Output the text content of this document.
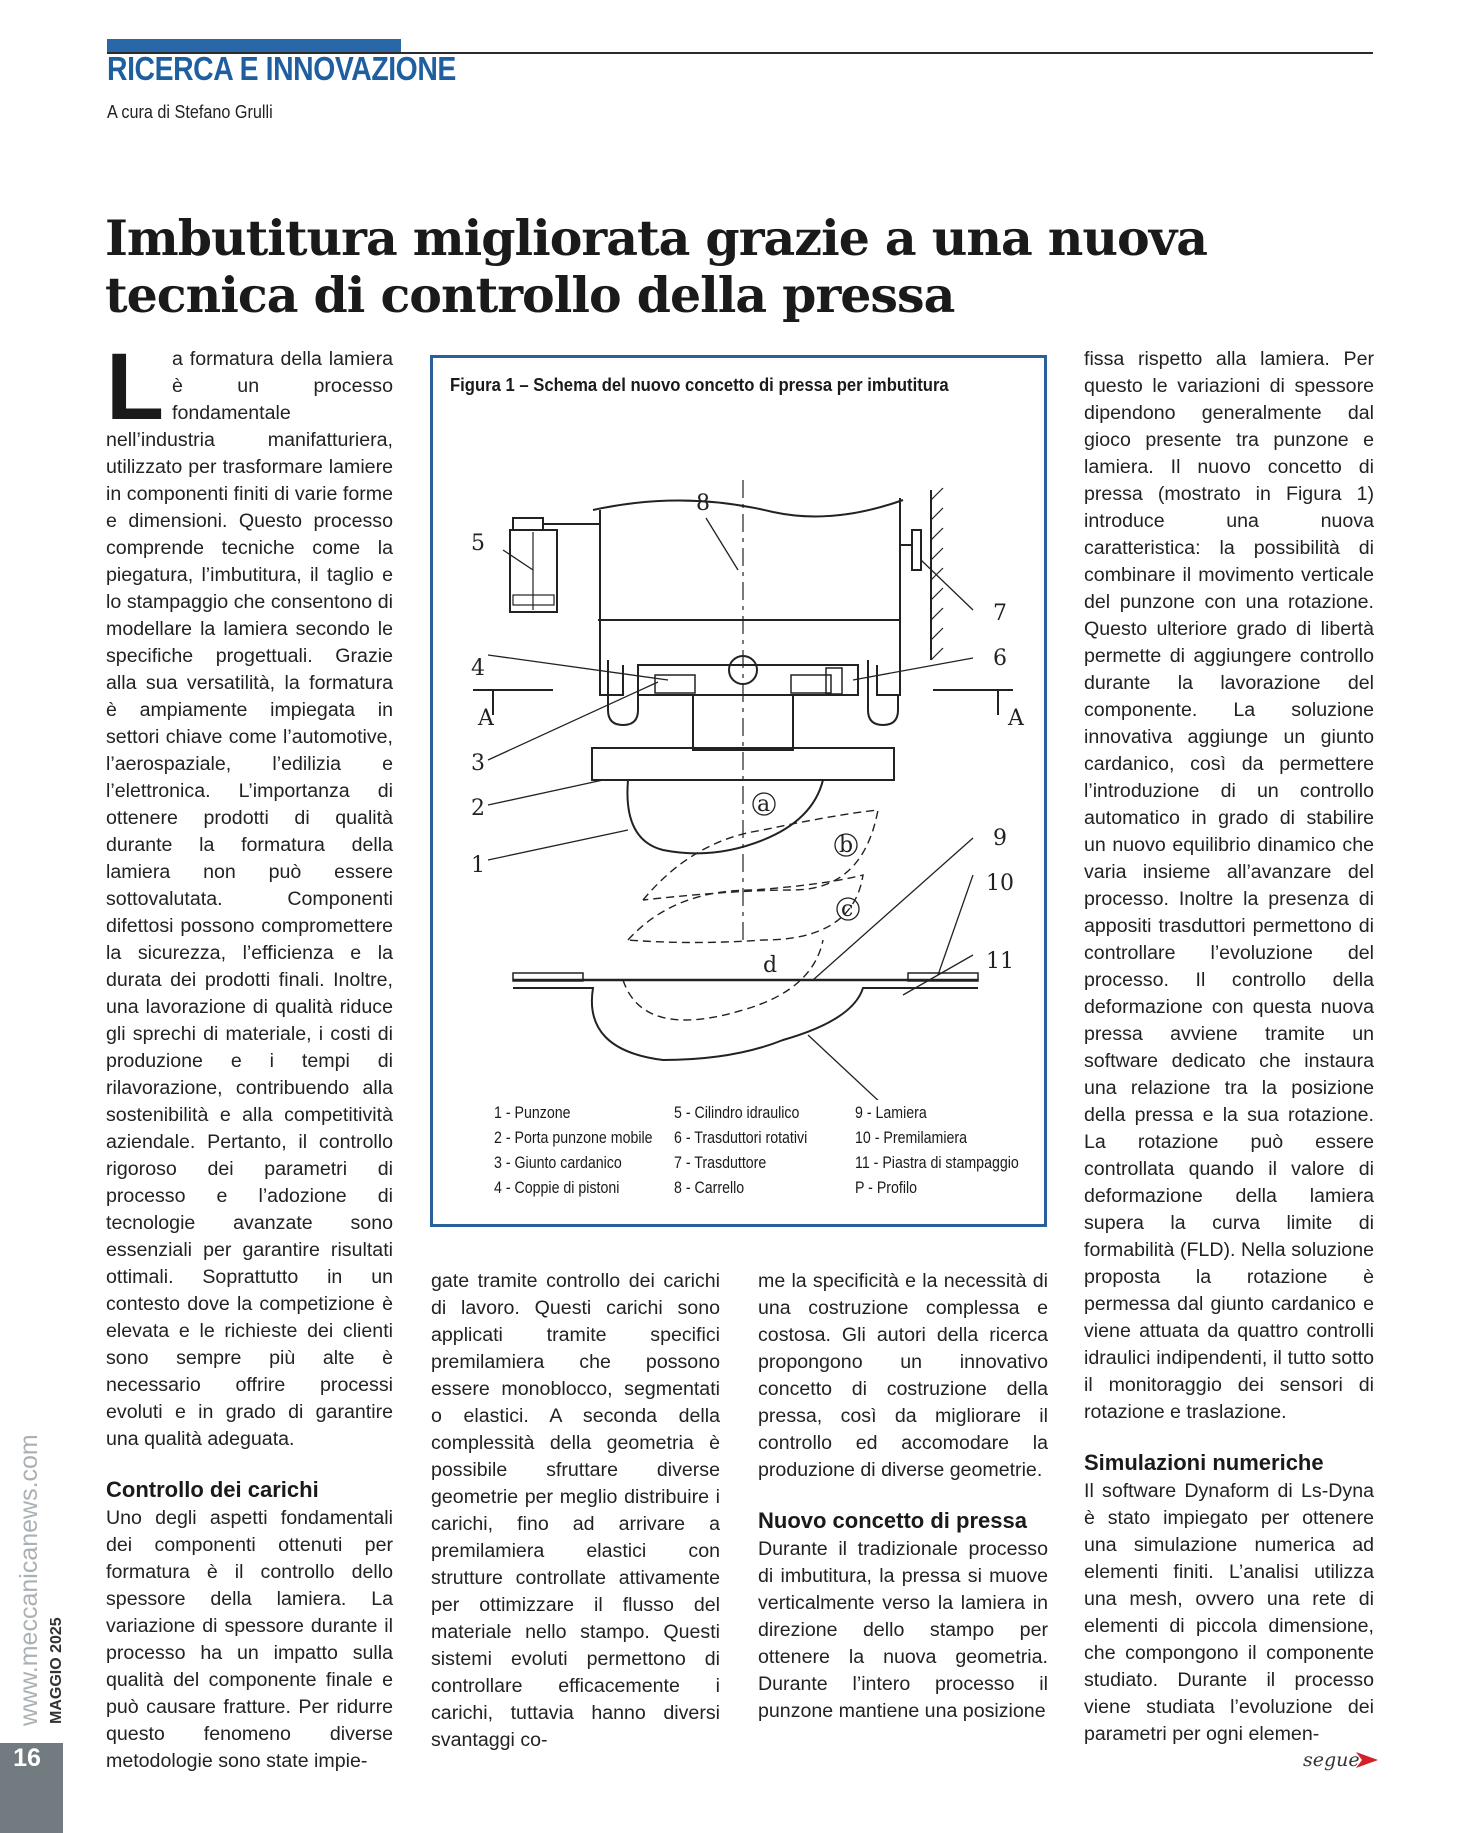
RICERCA E INNOVAZIONE
A cura di Stefano Grulli
Imbutitura migliorata grazie a una nuova
tecnica di controllo della pressa

La formatura della lamiera è un processo fondamentale nell’industria manifatturiera, utilizzato per trasformare lamiere in componenti finiti di varie forme e dimensioni. Questo processo comprende tecniche come la piegatura, l’imbutitura, il taglio e lo stampaggio che consentono di modellare la lamiera secondo le specifiche progettuali. Grazie alla sua versatilità, la formatura è ampiamente impiegata in settori chiave come l’automotive, l’aerospaziale, l’edilizia e l’elettronica. L’importanza di ottenere prodotti di qualità durante la formatura della lamiera non può essere sottovalutata. Componenti difettosi possono compromettere la sicurezza, l’efficienza e la durata dei prodotti finali. Inoltre, una lavorazione di qualità riduce gli sprechi di materiale, i costi di produzione e i tempi di rilavorazione, contribuendo alla sostenibilità e alla competitività aziendale. Pertanto, il controllo rigoroso dei parametri di processo e l’adozione di tecnologie avanzate sono essenziali per garantire risultati ottimali. Soprattutto in un contesto dove la competizione è elevata e le richieste dei clienti sono sempre più alte è necessario offrire processi evoluti e in grado di garantire una qualità adeguata.

Controllo dei carichi

Uno degli aspetti fondamentali dei componenti ottenuti per formatura è il controllo dello spessore della lamiera. La variazione di spessore durante il processo ha un impatto sulla qualità del componente finale e può causare fratture. Per ridurre questo fenomeno diverse metodologie sono state impie-

Figura 1 – Schema del nuovo concetto di pressa per imbutitura
8
5
7
6
4
A	A
3
2
1
9
10
11
a
b
c
d
1 - Punzone
2 - Porta punzone mobile
3 - Giunto cardanico
4 - Coppie di pistoni
5 - Cilindro idraulico
6 - Trasduttori rotativi
7 - Trasduttore
8 - Carrello
9 - Lamiera
10 - Premilamiera
11 - Piastra di stampaggio
P - Profilo

gate tramite controllo dei carichi di lavoro. Questi carichi sono applicati tramite specifici premilamiera che possono essere monoblocco, segmentati o elastici. A seconda della complessità della geometria è possibile sfruttare diverse geometrie per meglio distribuire i carichi, fino ad arrivare a premilamiera elastici con strutture controllate attivamente per ottimizzare il flusso del materiale nello stampo. Questi sistemi evoluti permettono di controllare efficacemente i carichi, tuttavia hanno diversi svantaggi co-

me la specificità e la necessità di una costruzione complessa e costosa. Gli autori della ricerca propongono un innovativo concetto di costruzione della pressa, così da migliorare il controllo ed accomodare la produzione di diverse geometrie.

Nuovo concetto di pressa

Durante il tradizionale processo di imbutitura, la pressa si muove verticalmente verso la lamiera in direzione dello stampo per ottenere la nuova geometria. Durante l’intero processo il punzone mantiene una posizione

fissa rispetto alla lamiera. Per questo le variazioni di spessore dipendono generalmente dal gioco presente tra punzone e lamiera. Il nuovo concetto di pressa (mostrato in Figura 1) introduce una nuova caratteristica: la possibilità di combinare il movimento verticale del punzone con una rotazione. Questo ulteriore grado di libertà permette di aggiungere controllo durante la lavorazione del componente. La soluzione innovativa aggiunge un giunto cardanico, così da permettere l’introduzione di un controllo automatico in grado di stabilire un nuovo equilibrio dinamico che varia insieme all’avanzare del processo. Inoltre la presenza di appositi trasduttori permettono di controllare l’evoluzione del processo. Il controllo della deformazione con questa nuova pressa avviene tramite un software dedicato che instaura una relazione tra la posizione della pressa e la sua rotazione. La rotazione può essere controllata quando il valore di deformazione della lamiera supera la curva limite di formabilità (FLD). Nella soluzione proposta la rotazione è permessa dal giunto cardanico e viene attuata da quattro controlli idraulici indipendenti, il tutto sotto il monitoraggio dei sensori di rotazione e traslazione.

Simulazioni numeriche

Il software Dynaform di Ls-Dyna è stato impiegato per ottenere una simulazione numerica ad elementi finiti. L’analisi utilizza una mesh, ovvero una rete di elementi di piccola dimensione, che compongono il componente studiato. Durante il processo viene studiata l’evoluzione dei parametri per ogni elemen-

16
www.meccanicanews.com MAGGIO 2025
segue
